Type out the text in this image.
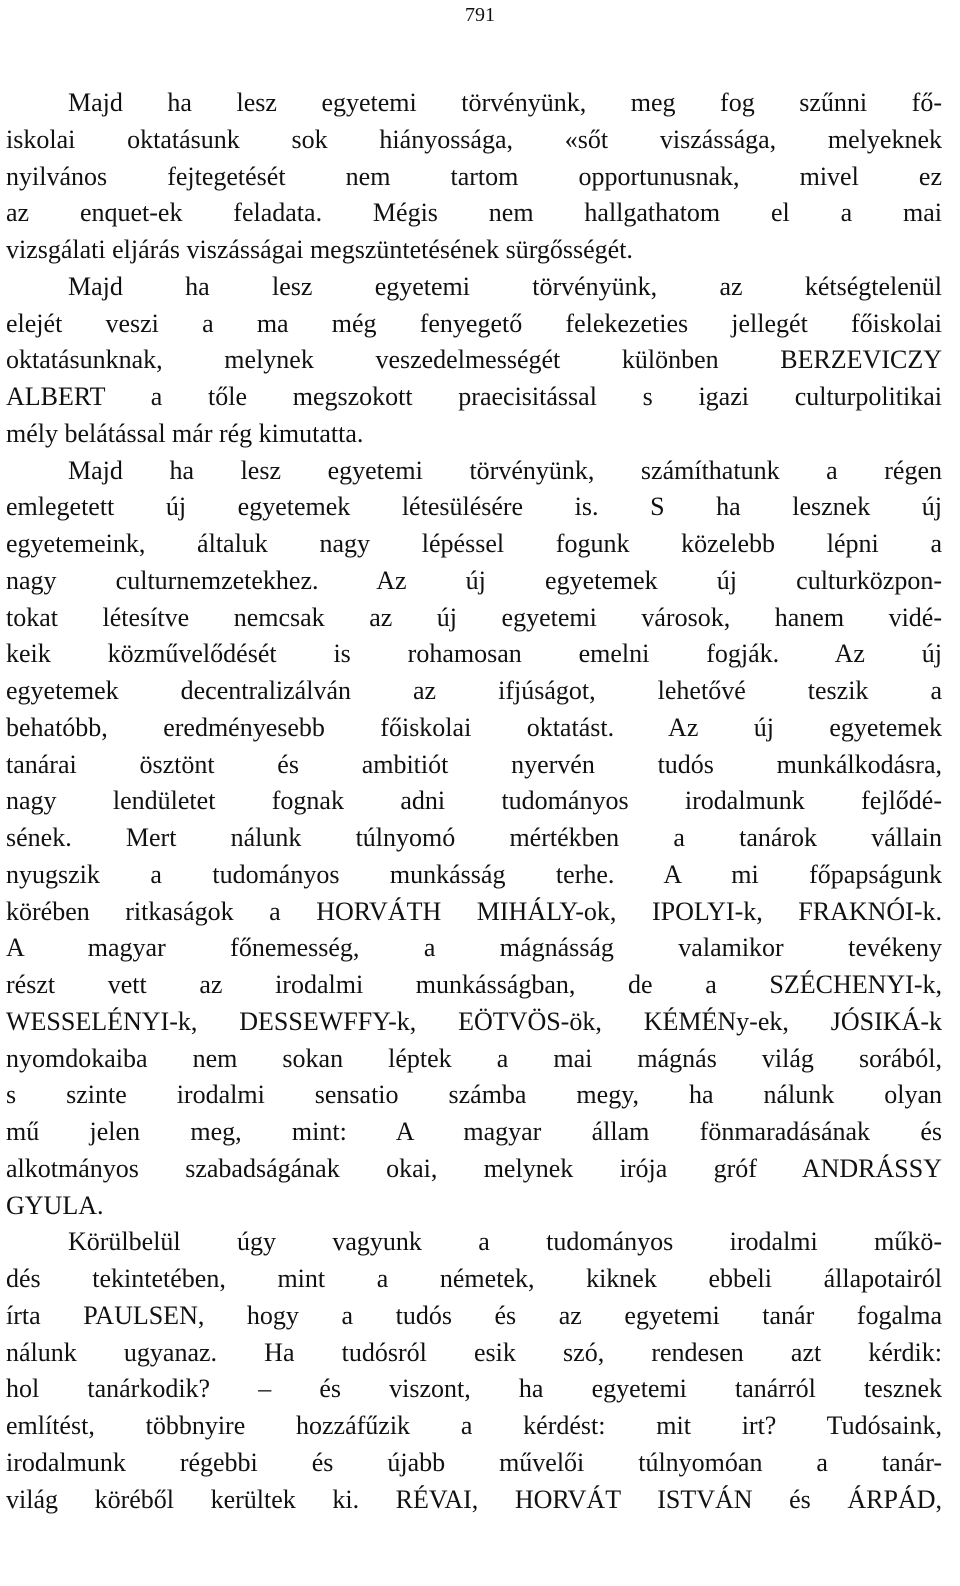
791
Majd ha lesz egyetemi törvényünk, meg fog szűnni fő-
iskolai oktatásunk sok hiányossága, «sőt viszássága, melyeknek
nyilvános fejtegetését nem tartom opportunusnak, mivel ez
az enquet-ek feladata. Mégis nem hallgathatom el a mai
vizsgálati eljárás viszásságai megszüntetésének sürgősségét.
Majd ha lesz egyetemi törvényünk, az kétségtelenül
elejét veszi a ma még fenyegető felekezeties jellegét főiskolai
oktatásunknak, melynek veszedelmességét különben BERZEVICZY
ALBERT a tőle megszokott praecisitással s igazi culturpolitikai
mély belátással már rég kimutatta.
Majd ha lesz egyetemi törvényünk, számíthatunk a régen
emlegetett új egyetemek létesülésére is. S ha lesznek új
egyetemeink, általuk nagy lépéssel fogunk közelebb lépni a
nagy culturnemzetekhez. Az új egyetemek új culturközpon-
tokat létesítve nemcsak az új egyetemi városok, hanem vidé-
keik közművelődését is rohamosan emelni fogják. Az új
egyetemek decentralizálván az ifjúságot, lehetővé teszik a
behatóbb, eredményesebb főiskolai oktatást. Az új egyetemek
tanárai ösztönt és ambitiót nyervén tudós munkálkodásra,
nagy lendületet fognak adni tudományos irodalmunk fejlődé-
sének. Mert nálunk túlnyomó mértékben a tanárok vállain
nyugszik a tudományos munkásság terhe. A mi főpapságunk
körében ritkaságok a HORVÁTH MIHÁLY-ok, IPOLYI-k, FRAKNÓI-k.
A magyar főnemesség, a mágnásság valamikor tevékeny
részt vett az irodalmi munkásságban, de a SZÉCHENYI-k,
WESSELÉNYI-k, DESSEWFFY-k, EÖTVÖS-ök, KÉMÉNy-ek, JÓSIKÁ-k
nyomdokaiba nem sokan léptek a mai mágnás világ sorából,
s szinte irodalmi sensatio számba megy, ha nálunk olyan
mű jelen meg, mint: A magyar állam fönmaradásának és
alkotmányos szabadságának okai, melynek irója gróf ANDRÁSSY
GYULA.
Körülbelül úgy vagyunk a tudományos irodalmi műkö-
dés tekintetében, mint a németek, kiknek ebbeli állapotairól
írta PAULSEN, hogy a tudós és az egyetemi tanár fogalma
nálunk ugyanaz. Ha tudósról esik szó, rendesen azt kérdik:
hol tanárkodik? – és viszont, ha egyetemi tanárról tesznek
említést, többnyire hozzáfűzik a kérdést: mit irt? Tudósaink,
irodalmunk régebbi és újabb művelői túlnyomóan a tanár-
világ köréből kerültek ki. RÉVAI, HORVÁT ISTVÁN és ÁRPÁD,
